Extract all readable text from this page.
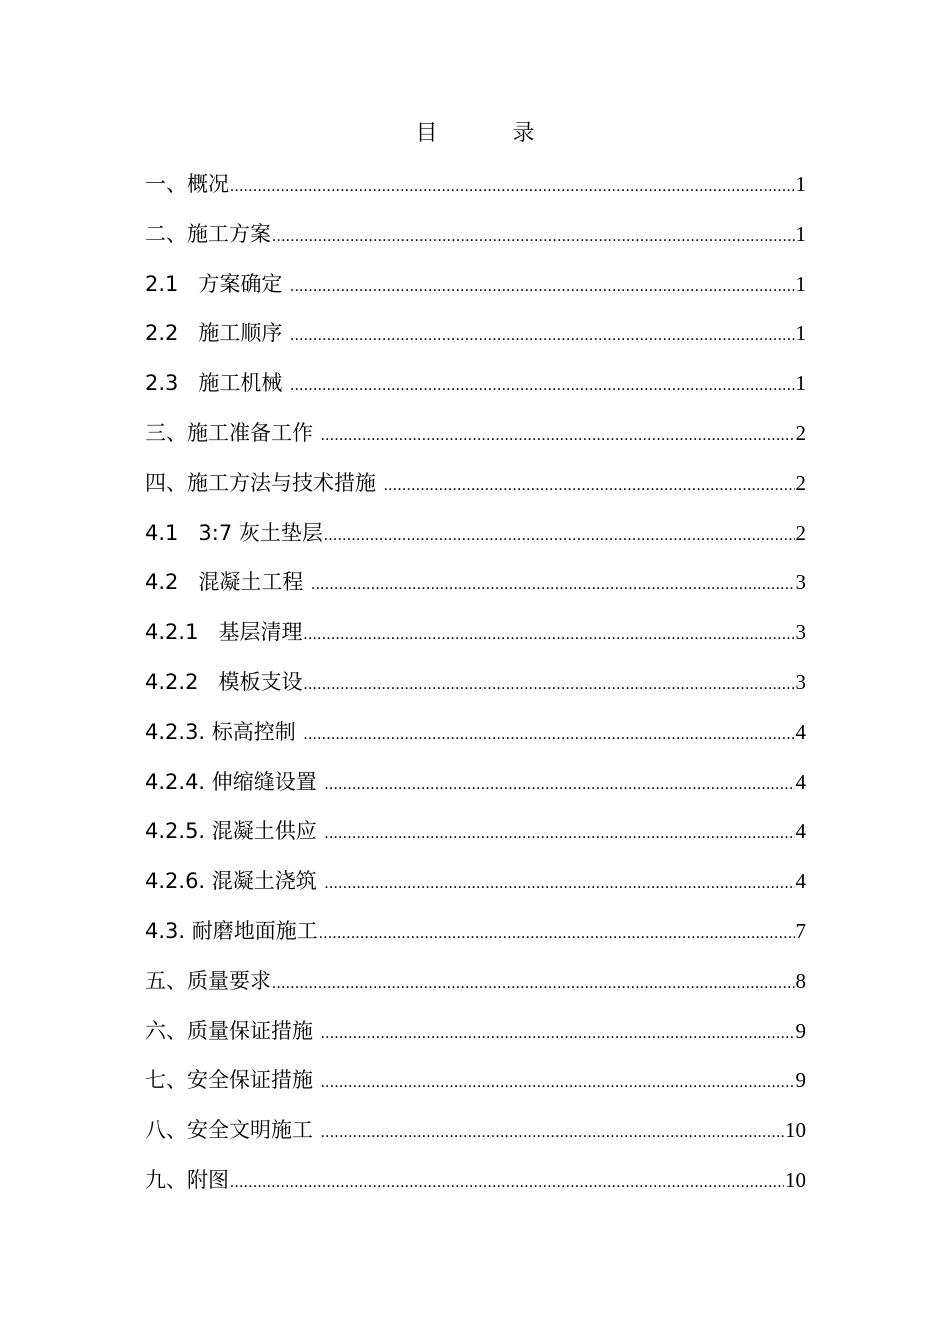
目 录
一、概况 .....	1
二、施工方案 .....	1
2.1   方案确定 .....	1
2.2   施工顺序 .....	1
2.3   施工机械 .....	1
三、施工准备工作 .....	2
四、施工方法与技术措施 .....	2
4.1   3:7 灰土垫层 .....	2
4.2   混凝土工程 .....	3
4.2.1   基层清理 .....	3
4.2.2   模板支设 .....	3
4.2.3. 标高控制 .....	4
4.2.4. 伸缩缝设置 .....	4
4.2.5. 混凝土供应 .....	4
4.2.6. 混凝土浇筑 .....	4
4.3. 耐磨地面施工 .....	7
五、质量要求 .....	8
六、质量保证措施 .....	9
七、安全保证措施 .....	9
八、安全文明施工 .....	10
九、附图 .....	10
